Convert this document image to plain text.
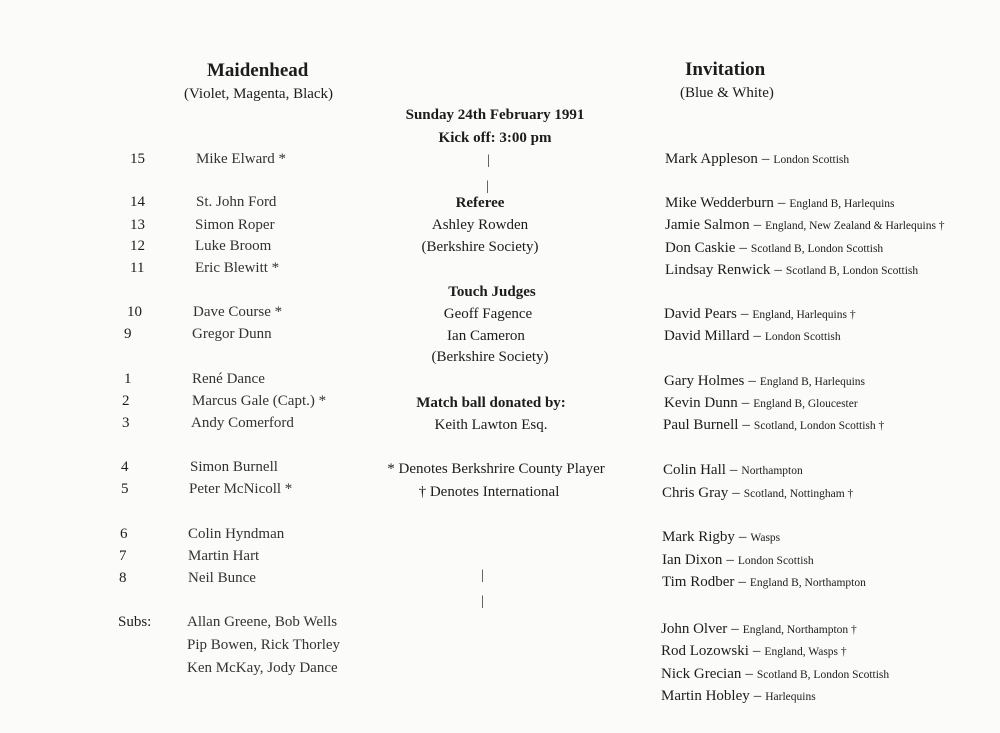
Maidenhead
(Violet, Magenta, Black)
15	Mike Elward *
14	St. John Ford
13	Simon Roper
12	Luke Broom
11	Eric Blewitt *
10	Dave Course *
9	Gregor Dunn
1	René Dance
2	Marcus Gale (Capt.) *
3	Andy Comerford
4	Simon Burnell
5	Peter McNicoll *
6	Colin Hyndman
7	Martin Hart
8	Neil Bunce
Subs: Allan Greene, Bob Wells
Pip Bowen, Rick Thorley
Ken McKay, Jody Dance
Sunday 24th February 1991
Kick off: 3:00 pm
Referee
Ashley Rowden
(Berkshire Society)
Touch Judges
Geoff Fagence
Ian Cameron
(Berkshire Society)
Match ball donated by:
Keith Lawton Esq.
* Denotes Berkshrire County Player
† Denotes International
|
|
|
|
Invitation
(Blue & White)
Mark Appleson – London Scottish
Mike Wedderburn – England B, Harlequins
Jamie Salmon – England, New Zealand & Harlequins †
Don Caskie – Scotland B, London Scottish
Lindsay Renwick – Scotland B, London Scottish
David Pears – England, Harlequins †
David Millard – London Scottish
Gary Holmes – England B, Harlequins
Kevin Dunn – England B, Gloucester
Paul Burnell – Scotland, London Scottish †
Colin Hall – Northampton
Chris Gray – Scotland, Nottingham †
Mark Rigby – Wasps
Ian Dixon – London Scottish
Tim Rodber – England B, Northampton
John Olver – England, Northampton †
Rod Lozowski – England, Wasps †
Nick Grecian – Scotland B, London Scottish
Martin Hobley – Harlequins
